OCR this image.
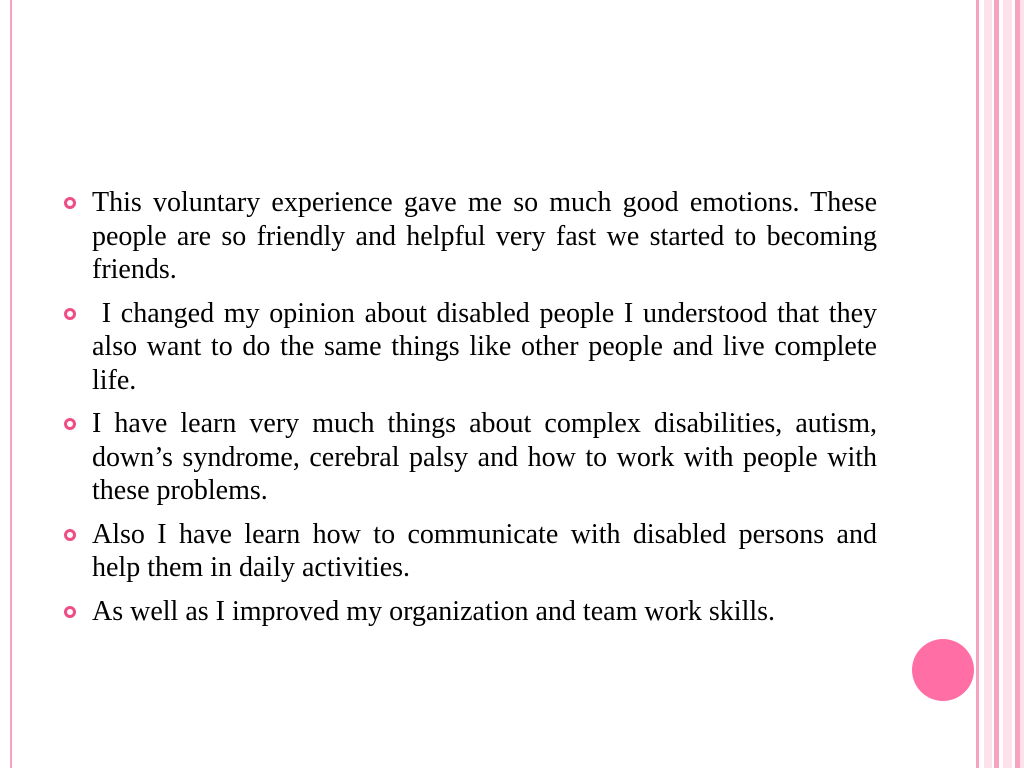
This voluntary experience gave me so much good emotions. These people are so friendly and helpful very fast we started to becoming friends.
I changed my opinion about disabled people I understood that they also want to do the same things like other people and live complete life.
I have learn very much things about complex disabilities, autism, down’s syndrome, cerebral palsy and how to work with people with these problems.
Also I have learn how to communicate with disabled persons and help them in daily activities.
As well as I improved my organization and team work skills.
